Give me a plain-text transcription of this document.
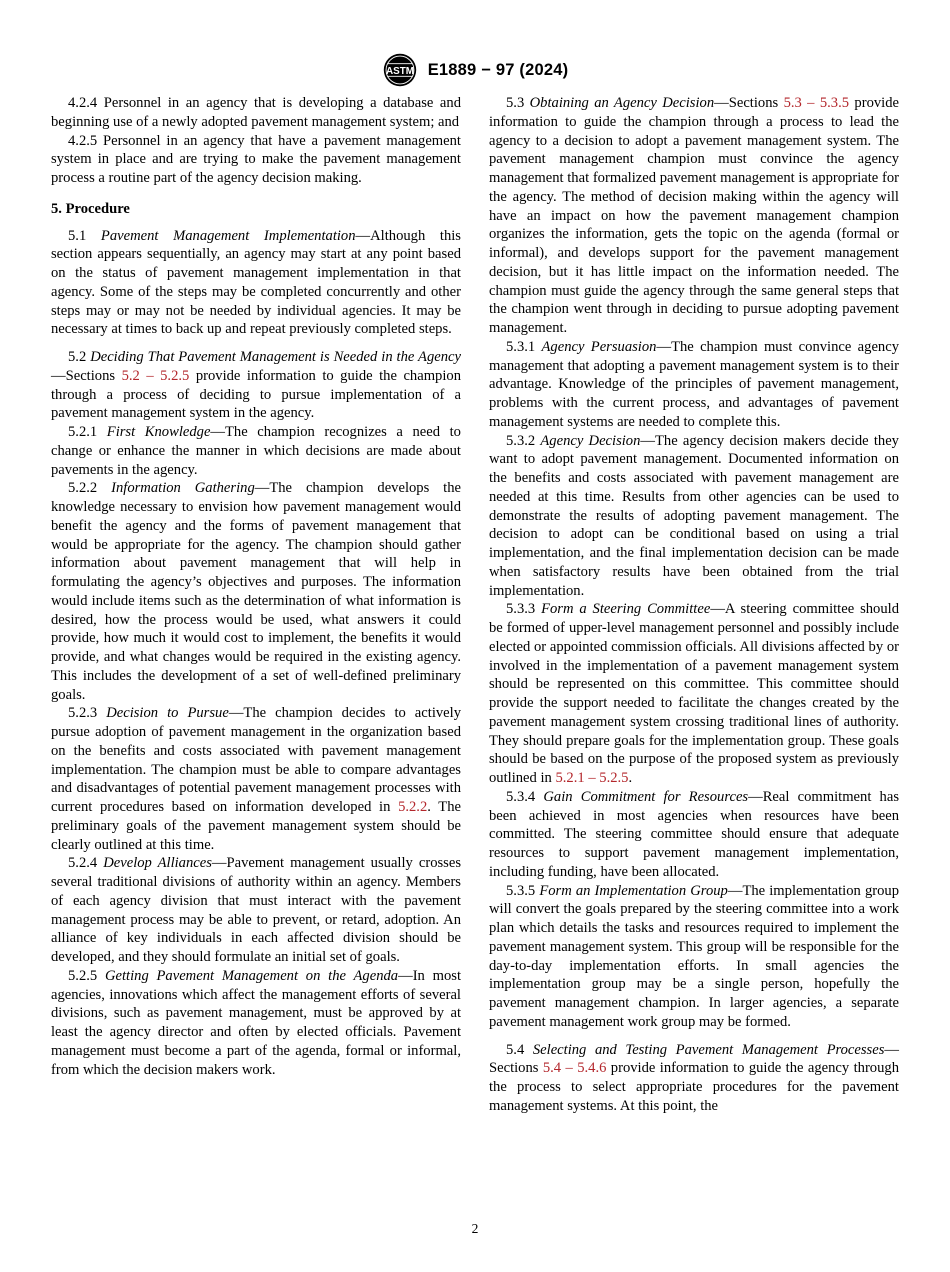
ASTM E1889 − 97 (2024)

4.2.4 Personnel in an agency that is developing a database and beginning use of a newly adopted pavement management system; and

4.2.5 Personnel in an agency that have a pavement management system in place and are trying to make the pavement management process a routine part of the agency decision making.

5. Procedure

5.1 Pavement Management Implementation—Although this section appears sequentially, an agency may start at any point based on the status of pavement management implementation in that agency. Some of the steps may be completed concurrently and other steps may or may not be needed by individual agencies. It may be necessary at times to back up and repeat previously completed steps.

5.2 Deciding That Pavement Management is Needed in the Agency—Sections 5.2 – 5.2.5 provide information to guide the champion through a process of deciding to pursue implementation of a pavement management system in the agency.

5.2.1 First Knowledge—The champion recognizes a need to change or enhance the manner in which decisions are made about pavements in the agency.

5.2.2 Information Gathering—The champion develops the knowledge necessary to envision how pavement management would benefit the agency and the forms of pavement management that would be appropriate for the agency. The champion should gather information about pavement management that will help in formulating the agency’s objectives and purposes. The information would include items such as the determination of what information is desired, how the process would be used, what answers it could provide, how much it would cost to implement, the benefits it would provide, and what changes would be required in the existing agency. This includes the development of a set of well-defined preliminary goals.

5.2.3 Decision to Pursue—The champion decides to actively pursue adoption of pavement management in the organization based on the benefits and costs associated with pavement management implementation. The champion must be able to compare advantages and disadvantages of potential pavement management processes with current procedures based on information developed in 5.2.2. The preliminary goals of the pavement management system should be clearly outlined at this time.

5.2.4 Develop Alliances—Pavement management usually crosses several traditional divisions of authority within an agency. Members of each agency division that must interact with the pavement management process may be able to prevent, or retard, adoption. An alliance of key individuals in each affected division should be developed, and they should formulate an initial set of goals.

5.2.5 Getting Pavement Management on the Agenda—In most agencies, innovations which affect the management efforts of several divisions, such as pavement management, must be approved by at least the agency director and often by elected officials. Pavement management must become a part of the agenda, formal or informal, from which the decision makers work.

5.3 Obtaining an Agency Decision—Sections 5.3 – 5.3.5 provide information to guide the champion through a process to lead the agency to a decision to adopt a pavement management system. The pavement management champion must convince the agency management that formalized pavement management is appropriate for the agency. The method of decision making within the agency will have an impact on how the pavement management champion organizes the information, gets the topic on the agenda (formal or informal), and develops support for the pavement management decision, but it has little impact on the information needed. The champion must guide the agency through the same general steps that the champion went through in deciding to pursue adopting pavement management.

5.3.1 Agency Persuasion—The champion must convince agency management that adopting a pavement management system is to their advantage. Knowledge of the principles of pavement management, problems with the current process, and advantages of pavement management systems are needed to complete this.

5.3.2 Agency Decision—The agency decision makers decide they want to adopt pavement management. Documented information on the benefits and costs associated with pavement management are needed at this time. Results from other agencies can be used to demonstrate the results of adopting pavement management. The decision to adopt can be conditional based on using a trial implementation, and the final implementation decision can be made when satisfactory results have been obtained from the trial implementation.

5.3.3 Form a Steering Committee—A steering committee should be formed of upper-level management personnel and possibly include elected or appointed commission officials. All divisions affected by or involved in the implementation of a pavement management system should be represented on this committee. This committee should provide the support needed to facilitate the changes created by the pavement management system crossing traditional lines of authority. They should prepare goals for the implementation group. These goals should be based on the purpose of the proposed system as previously outlined in 5.2.1 – 5.2.5.

5.3.4 Gain Commitment for Resources—Real commitment has been achieved in most agencies when resources have been committed. The steering committee should ensure that adequate resources to support pavement management implementation, including funding, have been allocated.

5.3.5 Form an Implementation Group—The implementation group will convert the goals prepared by the steering committee into a work plan which details the tasks and resources required to implement the pavement management system. This group will be responsible for the day-to-day implementation efforts. In small agencies the implementation group may be a single person, hopefully the pavement management champion. In larger agencies, a separate pavement management work group may be formed.

5.4 Selecting and Testing Pavement Management Processes—Sections 5.4 – 5.4.6 provide information to guide the agency through the process to select appropriate procedures for the pavement management systems. At this point, the

2
